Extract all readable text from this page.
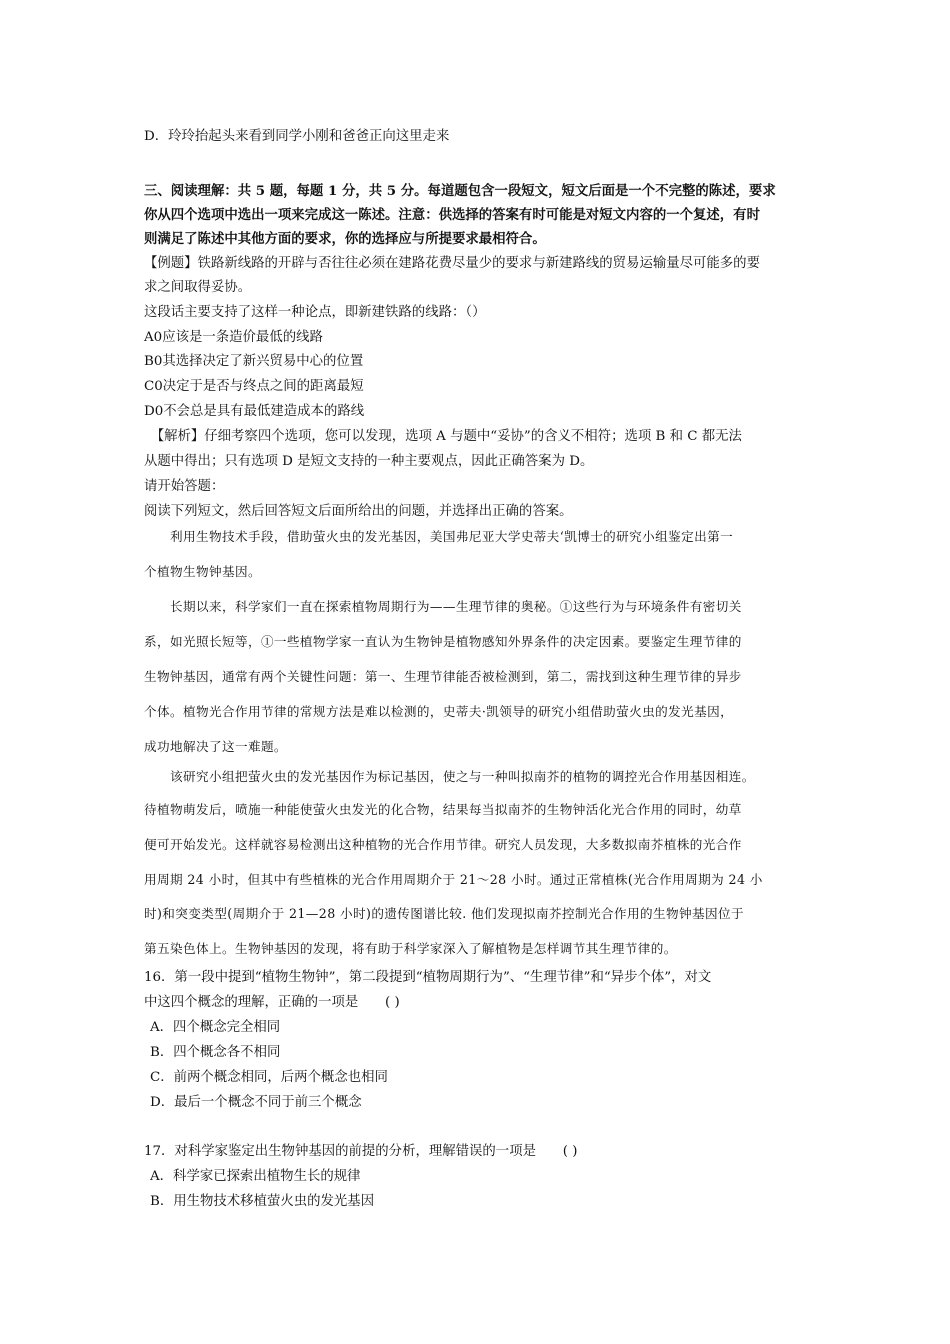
D．玲玲抬起头来看到同学小刚和爸爸正向这里走来
三、阅读理解：共 5 题，每题 1 分，共 5 分。每道题包含一段短文，短文后面是一个不完整的陈述，要求
你从四个选项中选出一项来完成这一陈述。注意：供选择的答案有时可能是对短文内容的一个复述，有时
则满足了陈述中其他方面的要求，你的选择应与所提要求最相符合。
【例题】铁路新线路的开辟与否往往必须在建路花费尽量少的要求与新建路线的贸易运输量尽可能多的要
求之间取得妥协。
这段话主要支持了这样一种论点，即新建铁路的线路：（）
A0应该是一条造价最低的线路
B0其选择决定了新兴贸易中心的位置
C0决定于是否与终点之间的距离最短
D0不会总是具有最低建造成本的路线
　【解析】仔细考察四个选项，您可以发现，选项 A 与题中“妥协”的含义不相符；选项 B 和 C 都无法
从题中得出；只有选项 D 是短文支持的一种主要观点，因此正确答案为 D。
请开始答题：
阅读下列短文，然后回答短文后面所给出的问题，并选择出正确的答案。
　　利用生物技术手段，借助萤火虫的发光基因，美国弗尼亚大学史蒂夫‘凯博士的研究小组鉴定出第一
个植物生物钟基因。
　　长期以来，科学家们一直在探索植物周期行为——生理节律的奥秘。①这些行为与环境条件有密切关
系，如光照长短等，①一些植物学家一直认为生物钟是植物感知外界条件的决定因素。要鉴定生理节律的
生物钟基因，通常有两个关键性问题：第一、生理节律能否被检测到，第二，需找到这种生理节律的异步
个体。植物光合作用节律的常规方法是难以检测的，史蒂夫·凯领导的研究小组借助萤火虫的发光基因，
成功地解决了这一难题。
　　该研究小组把萤火虫的发光基因作为标记基因，使之与一种叫拟南芥的植物的调控光合作用基因相连。
待植物萌发后，喷施一种能使萤火虫发光的化合物，结果每当拟南芥的生物钟活化光合作用的同时，幼草
便可开始发光。这样就容易检测出这种植物的光合作用节律。研究人员发现，大多数拟南芥植株的光合作
用周期 24 小时，但其中有些植株的光合作用周期介于 21～28 小时。通过正常植株(光合作用周期为 24 小
时)和突变类型(周期介于 21—28 小时)的遗传图谱比较. 他们发现拟南芥控制光合作用的生物钟基因位于
第五染色体上。生物钟基因的发现，将有助于科学家深入了解植物是怎样调节其生理节律的。
16．第一段中提到“植物生物钟”，第二段提到“植物周期行为”、“生理节律”和“异步个体”，对文
中这四个概念的理解，正确的一项是　　( )
A．四个概念完全相同
B．四个概念各不相同
C．前两个概念相同，后两个概念也相同
D．最后一个概念不同于前三个概念
17．对科学家鉴定出生物钟基因的前提的分析，理解错误的一项是　　( )
A．科学家已探索出植物生长的规律
B．用生物技术移植萤火虫的发光基因
